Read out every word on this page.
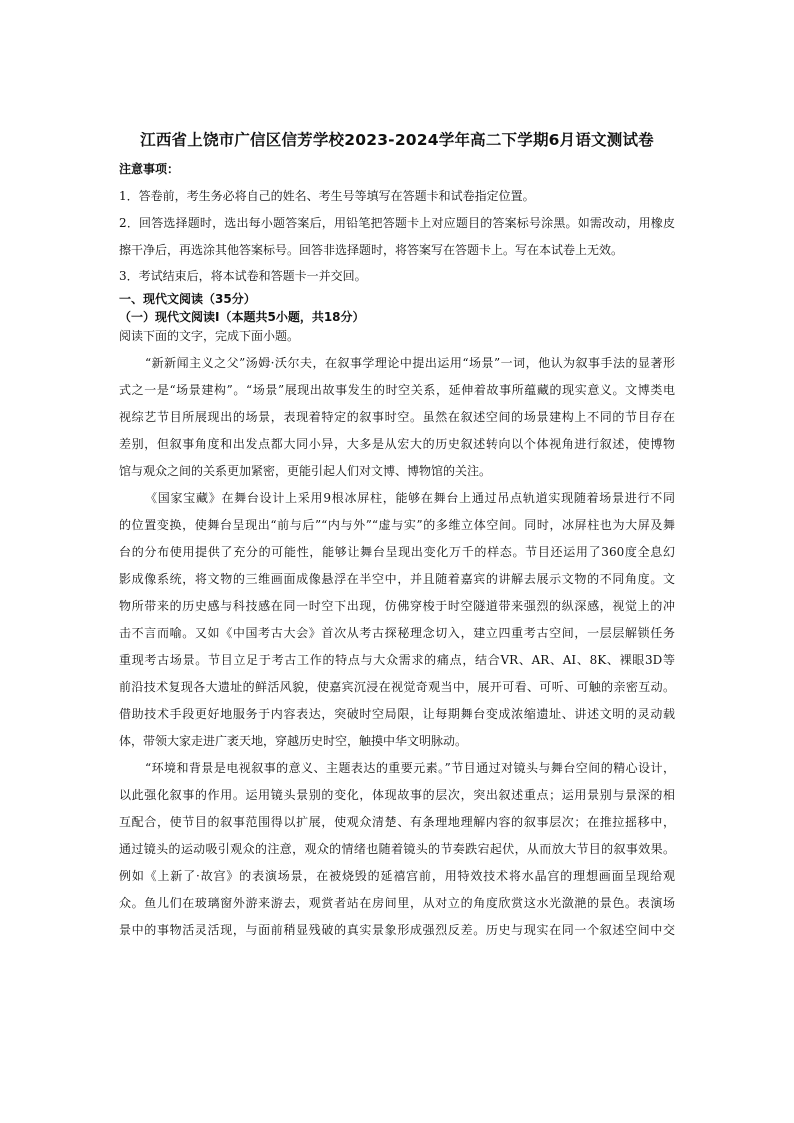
江西省上饶市广信区信芳学校2023-2024学年高二下学期6月语文测试卷
注意事项：
1．答卷前，考生务必将自己的姓名、考生号等填写在答题卡和试卷指定位置。
2．回答选择题时，选出每小题答案后，用铅笔把答题卡上对应题目的答案标号涂黑。如需改动，用橡皮
擦干净后，再选涂其他答案标号。回答非选择题时，将答案写在答题卡上。写在本试卷上无效。
3．考试结束后，将本试卷和答题卡一并交回。
一、现代文阅读（35分）
（一）现代文阅读Ⅰ（本题共5小题，共18分）
阅读下面的文字，完成下面小题。
“新新闻主义之父”汤姆·沃尔夫，在叙事学理论中提出运用“场景”一词，他认为叙事手法的显著形
式之一是“场景建构”。“场景”展现出故事发生的时空关系，延伸着故事所蕴藏的现实意义。文博类电
视综艺节目所展现出的场景，表现着特定的叙事时空。虽然在叙述空间的场景建构上不同的节目存在
差别，但叙事角度和出发点都大同小异，大多是从宏大的历史叙述转向以个体视角进行叙述，使博物
馆与观众之间的关系更加紧密，更能引起人们对文博、博物馆的关注。
《国家宝藏》在舞台设计上采用9根冰屏柱，能够在舞台上通过吊点轨道实现随着场景进行不同
的位置变换，使舞台呈现出“前与后”“内与外”“虚与实”的多维立体空间。同时，冰屏柱也为大屏及舞
台的分布使用提供了充分的可能性，能够让舞台呈现出变化万千的样态。节目还运用了360度全息幻
影成像系统，将文物的三维画面成像悬浮在半空中，并且随着嘉宾的讲解去展示文物的不同角度。文
物所带来的历史感与科技感在同一时空下出现，仿佛穿梭于时空隧道带来强烈的纵深感，视觉上的冲
击不言而喻。又如《中国考古大会》首次从考古探秘理念切入，建立四重考古空间，一层层解锁任务
重现考古场景。节目立足于考古工作的特点与大众需求的痛点，结合VR、AR、AI、8K、裸眼3D等
前沿技术复现各大遗址的鲜活风貌，使嘉宾沉浸在视觉奇观当中，展开可看、可听、可触的亲密互动。
借助技术手段更好地服务于内容表达，突破时空局限，让每期舞台变成浓缩遗址、讲述文明的灵动载
体，带领大家走进广袤天地，穿越历史时空，触摸中华文明脉动。
“环境和背景是电视叙事的意义、主题表达的重要元素。”节目通过对镜头与舞台空间的精心设计，
以此强化叙事的作用。运用镜头景别的变化，体现故事的层次，突出叙述重点；运用景别与景深的相
互配合，使节目的叙事范围得以扩展，使观众清楚、有条理地理解内容的叙事层次；在推拉摇移中，
通过镜头的运动吸引观众的注意，观众的情绪也随着镜头的节奏跌宕起伏，从而放大节目的叙事效果。
例如《上新了·故宫》的表演场景，在被烧毁的延禧宫前，用特效技术将水晶宫的理想画面呈现给观
众。鱼儿们在玻璃窗外游来游去，观赏者站在房间里，从对立的角度欣赏这水光潋滟的景色。表演场
景中的事物活灵活现，与面前稍显残破的真实景象形成强烈反差。历史与现实在同一个叙述空间中交
